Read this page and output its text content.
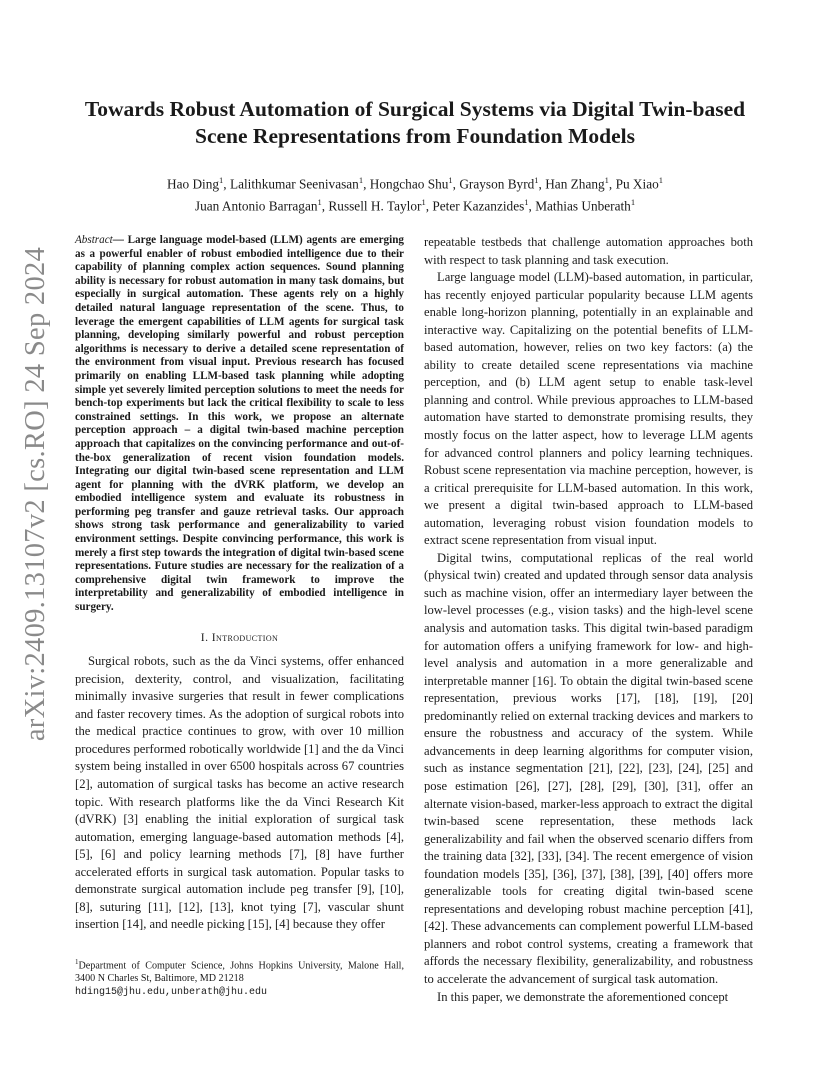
arXiv:2409.13107v2 [cs.RO] 24 Sep 2024
Towards Robust Automation of Surgical Systems via Digital Twin-based
Scene Representations from Foundation Models
Hao Ding$^1$, Lalithkumar Seenivasan$^1$, Hongchao Shu$^1$, Grayson Byrd$^1$, Han Zhang$^1$, Pu Xiao$^1$
Juan Antonio Barragan$^1$, Russell H. Taylor$^1$, Peter Kazanzides$^1$, Mathias Unberath$^1$

Abstract— Large language model-based (LLM) agents are emerging as a powerful enabler of robust embodied intelligence due to their capability of planning complex action sequences. Sound planning ability is necessary for robust automation in many task domains, but especially in surgical automation. These agents rely on a highly detailed natural language representation of the scene. Thus, to leverage the emergent capabilities of LLM agents for surgical task planning, developing similarly powerful and robust perception algorithms is necessary to derive a detailed scene representation of the environment from visual input. Previous research has focused primarily on enabling LLM-based task planning while adopting simple yet severely limited perception solutions to meet the needs for bench-top experiments but lack the critical flexibility to scale to less constrained settings. In this work, we propose an alternate perception approach – a digital twin-based machine perception approach that capitalizes on the convincing performance and out-of-the-box generalization of recent vision foundation models. Integrating our digital twin-based scene representation and LLM agent for planning with the dVRK platform, we develop an embodied intelligence system and evaluate its robustness in performing peg transfer and gauze retrieval tasks. Our approach shows strong task performance and generalizability to varied environment settings. Despite convincing performance, this work is merely a first step towards the integration of digital twin-based scene representations. Future studies are necessary for the realization of a comprehensive digital twin framework to improve the interpretability and generalizability of embodied intelligence in surgery.

I. Introduction

Surgical robots, such as the da Vinci systems, offer enhanced precision, dexterity, control, and visualization, facilitating minimally invasive surgeries that result in fewer complications and faster recovery times. As the adoption of surgical robots into the medical practice continues to grow, with over 10 million procedures performed robotically worldwide [1] and the da Vinci system being installed in over 6500 hospitals across 67 countries [2], automation of surgical tasks has become an active research topic. With research platforms like the da Vinci Research Kit (dVRK) [3] enabling the initial exploration of surgical task automation, emerging language-based automation methods [4], [5], [6] and policy learning methods [7], [8] have further accelerated efforts in surgical task automation. Popular tasks to demonstrate surgical automation include peg transfer [9], [10], [8], suturing [11], [12], [13], knot tying [7], vascular shunt insertion [14], and needle picking [15], [4] because they offer

repeatable testbeds that challenge automation approaches both with respect to task planning and task execution.

Large language model (LLM)-based automation, in particular, has recently enjoyed particular popularity because LLM agents enable long-horizon planning, potentially in an explainable and interactive way. Capitalizing on the potential benefits of LLM-based automation, however, relies on two key factors: (a) the ability to create detailed scene representations via machine perception, and (b) LLM agent setup to enable task-level planning and control. While previous approaches to LLM-based automation have started to demonstrate promising results, they mostly focus on the latter aspect, how to leverage LLM agents for advanced control planners and policy learning techniques. Robust scene representation via machine perception, however, is a critical prerequisite for LLM-based automation. In this work, we present a digital twin-based approach to LLM-based automation, leveraging robust vision foundation models to extract scene representation from visual input.

Digital twins, computational replicas of the real world (physical twin) created and updated through sensor data analysis such as machine vision, offer an intermediary layer between the low-level processes (e.g., vision tasks) and the high-level scene analysis and automation tasks. This digital twin-based paradigm for automation offers a unifying framework for low- and high-level analysis and automation in a more generalizable and interpretable manner [16]. To obtain the digital twin-based scene representation, previous works [17], [18], [19], [20] predominantly relied on external tracking devices and markers to ensure the robustness and accuracy of the system. While advancements in deep learning algorithms for computer vision, such as instance segmentation [21], [22], [23], [24], [25] and pose estimation [26], [27], [28], [29], [30], [31], offer an alternate vision-based, marker-less approach to extract the digital twin-based scene representation, these methods lack generalizability and fail when the observed scenario differs from the training data [32], [33], [34]. The recent emergence of vision foundation models [35], [36], [37], [38], [39], [40] offers more generalizable tools for creating digital twin-based scene representations and developing robust machine perception [41], [42]. These advancements can complement powerful LLM-based planners and robot control systems, creating a framework that affords the necessary flexibility, generalizability, and robustness to accelerate the advancement of surgical task automation.

In this paper, we demonstrate the aforementioned concept

$^1$Department of Computer Science, Johns Hopkins University, Malone Hall, 3400 N Charles St, Baltimore, MD 21218
hding15@jhu.edu,unberath@jhu.edu
